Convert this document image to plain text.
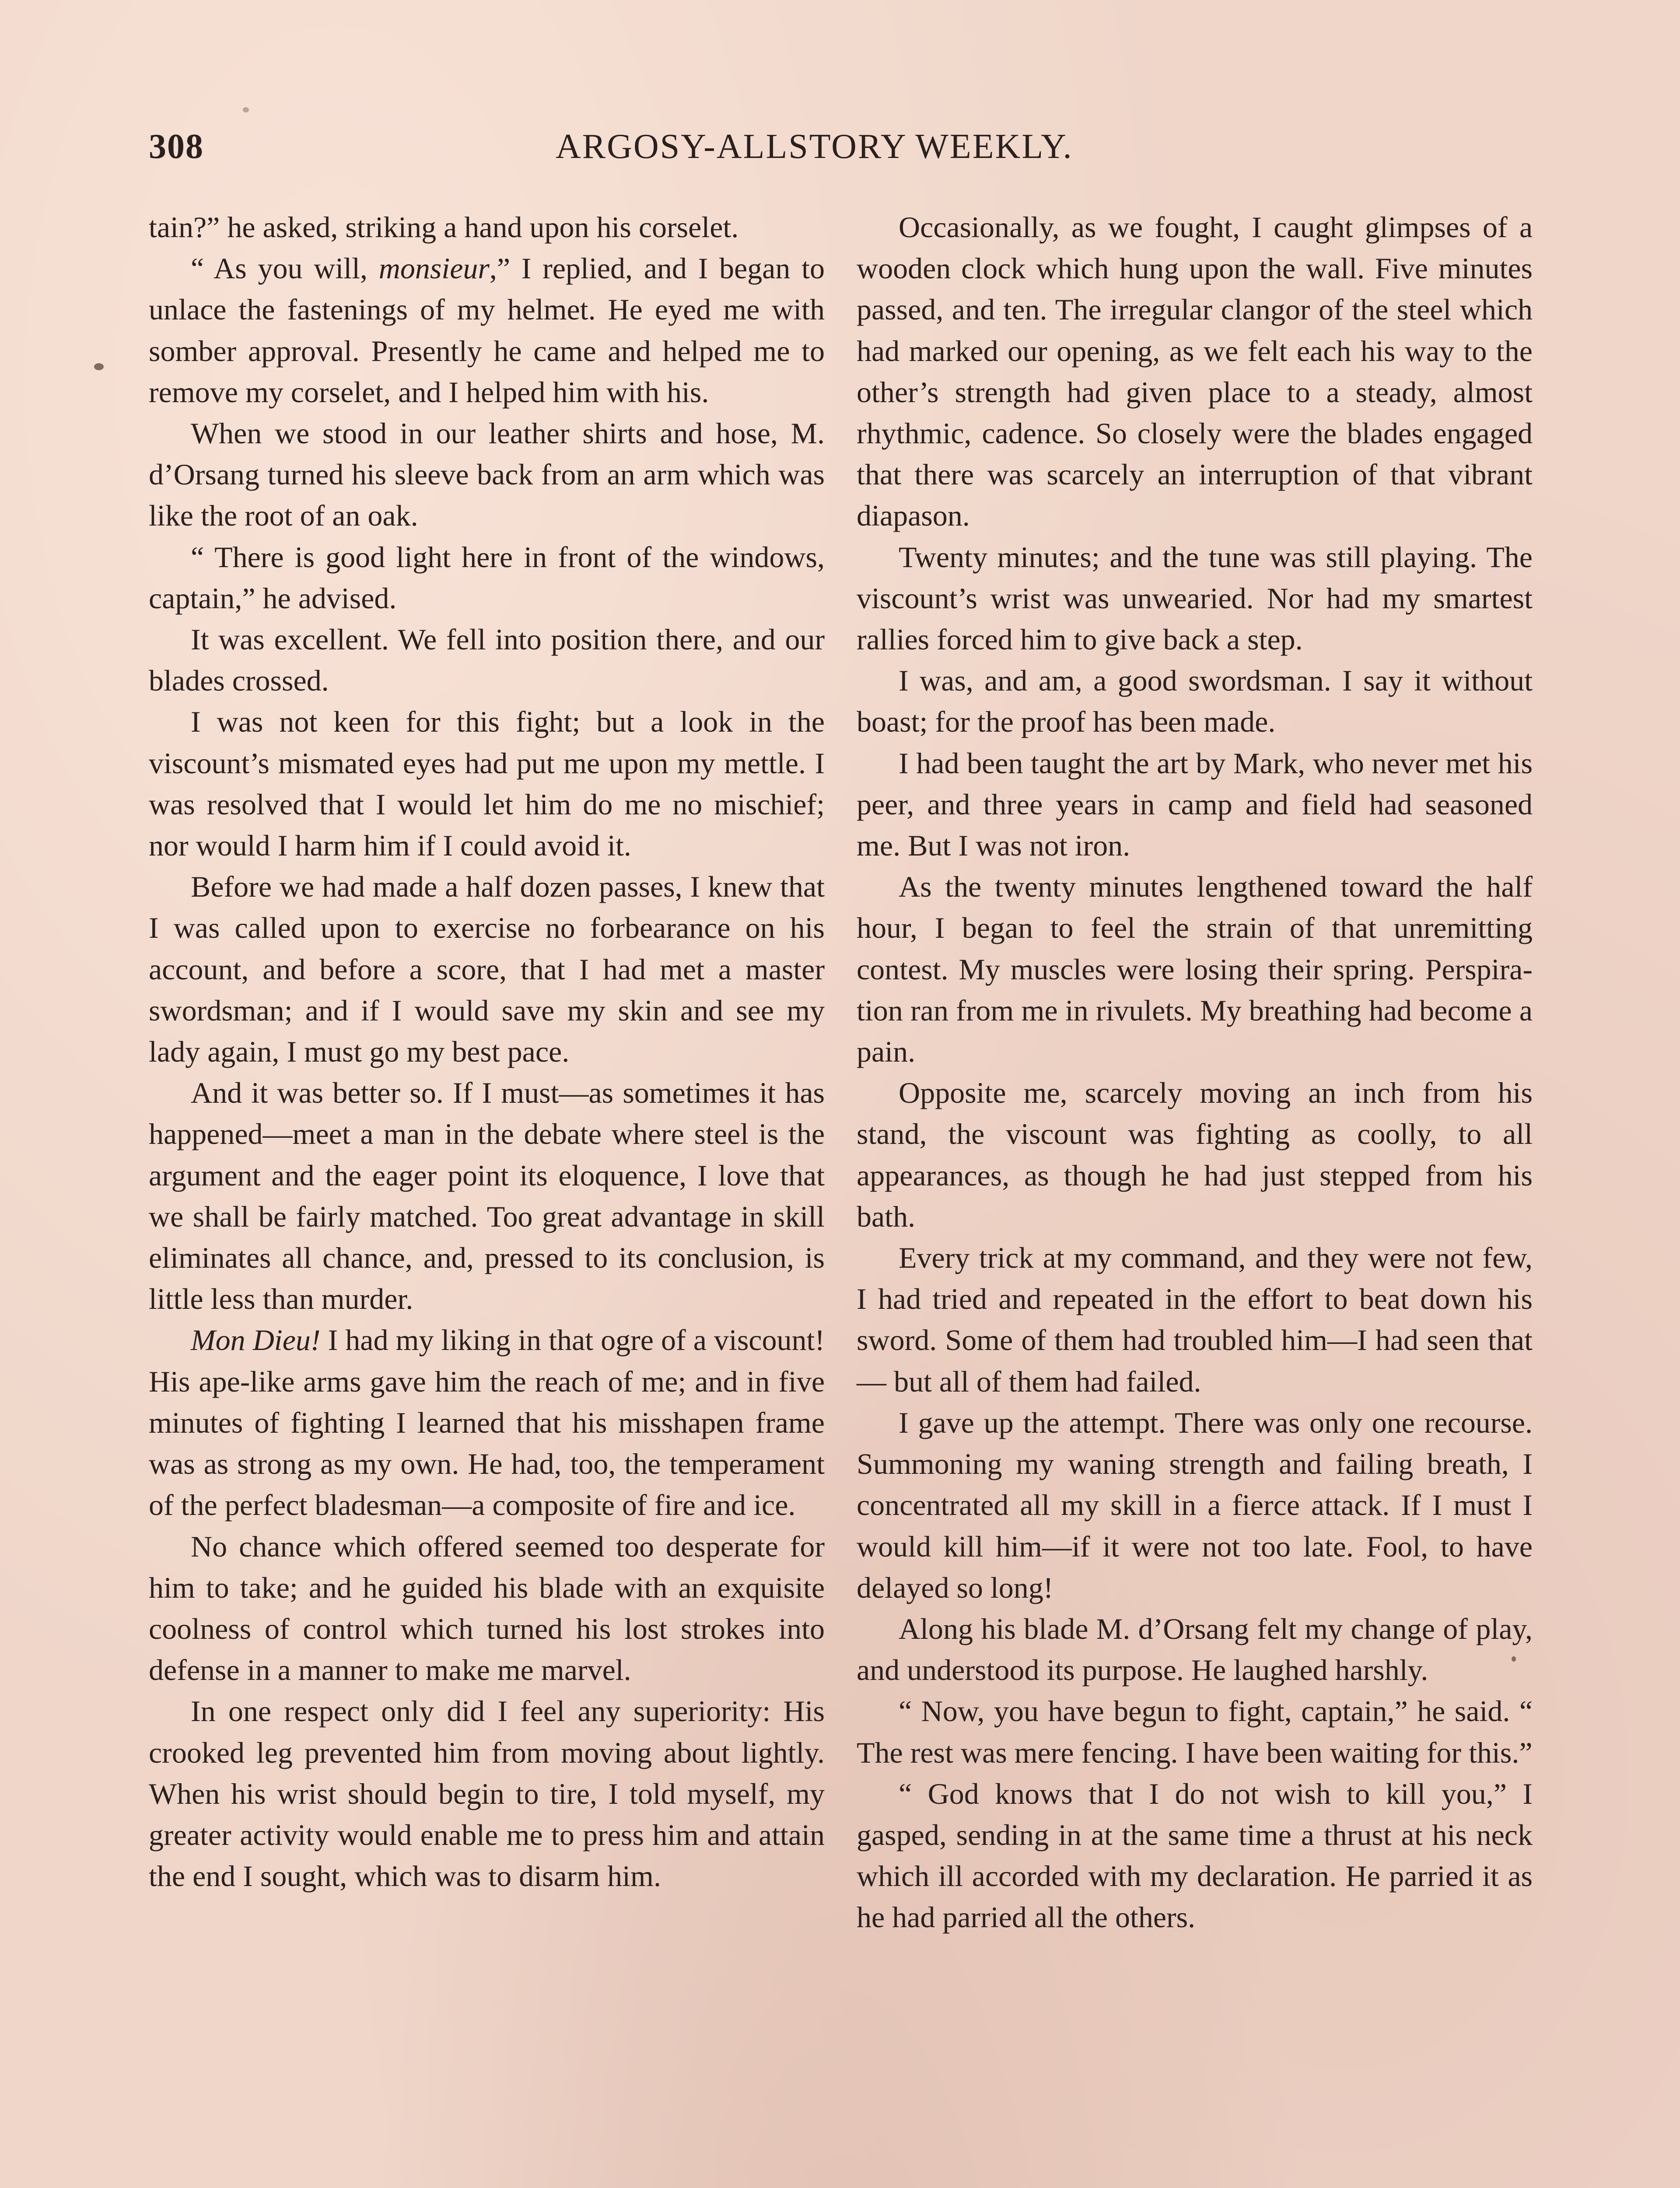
308	ARGOSY-ALLSTORY WEEKLY.

tain?” he asked, striking a hand upon his corselet.

“ As you will, monsieur,” I replied, and I began to unlace the fastenings of my helmet. He eyed me with somber approval. Presently he came and helped me to remove my corselet, and I helped him with his.

When we stood in our leather shirts and hose, M. d’Orsang turned his sleeve back from an arm which was like the root of an oak.

“ There is good light here in front of the windows, captain,” he advised.

It was excellent. We fell into position there, and our blades crossed.

I was not keen for this fight; but a look in the viscount’s mismated eyes had put me upon my mettle. I was resolved that I would let him do me no mischief; nor would I harm him if I could avoid it.

Before we had made a half dozen passes, I knew that I was called upon to exercise no forbearance on his account, and before a score, that I had met a master swordsman; and if I would save my skin and see my lady again, I must go my best pace.

And it was better so. If I must—as sometimes it has happened—meet a man in the debate where steel is the argument and the eager point its eloquence, I love that we shall be fairly matched. Too great advantage in skill eliminates all chance, and, pressed to its conclusion, is little less than murder.

Mon Dieu! I had my liking in that ogre of a viscount! His ape-like arms gave him the reach of me; and in five minutes of fighting I learned that his misshapen frame was as strong as my own. He had, too, the temperament of the perfect bladesman—a composite of fire and ice.

No chance which offered seemed too desperate for him to take; and he guided his blade with an exquisite coolness of control which turned his lost strokes into defense in a manner to make me marvel.

In one respect only did I feel any superiority: His crooked leg prevented him from moving about lightly. When his wrist should begin to tire, I told myself, my greater activity would enable me to press him and attain the end I sought, which was to disarm him.

Occasionally, as we fought, I caught glimpses of a wooden clock which hung upon the wall. Five minutes passed, and ten. The irregular clangor of the steel which had marked our opening, as we felt each his way to the other’s strength had given place to a steady, almost rhythmic, cadence. So closely were the blades engaged that there was scarcely an interruption of that vibrant diapason.

Twenty minutes; and the tune was still playing. The viscount’s wrist was unwearied. Nor had my smartest rallies forced him to give back a step.

I was, and am, a good swordsman. I say it without boast; for the proof has been made.

I had been taught the art by Mark, who never met his peer, and three years in camp and field had seasoned me. But I was not iron.

As the twenty minutes lengthened toward the half hour, I began to feel the strain of that unremitting contest. My muscles were losing their spring. Perspiration ran from me in rivulets. My breathing had become a pain.

Opposite me, scarcely moving an inch from his stand, the viscount was fighting as coolly, to all appearances, as though he had just stepped from his bath.

Every trick at my command, and they were not few, I had tried and repeated in the effort to beat down his sword. Some of them had troubled him—I had seen that— but all of them had failed.

I gave up the attempt. There was only one recourse. Summoning my waning strength and failing breath, I concentrated all my skill in a fierce attack. If I must I would kill him—if it were not too late. Fool, to have delayed so long!

Along his blade M. d’Orsang felt my change of play, and understood its purpose. He laughed harshly.

“ Now, you have begun to fight, captain,” he said. “ The rest was mere fencing. I have been waiting for this.”

“ God knows that I do not wish to kill you,” I gasped, sending in at the same time a thrust at his neck which ill accorded with my declaration. He parried it as he had parried all the others.
